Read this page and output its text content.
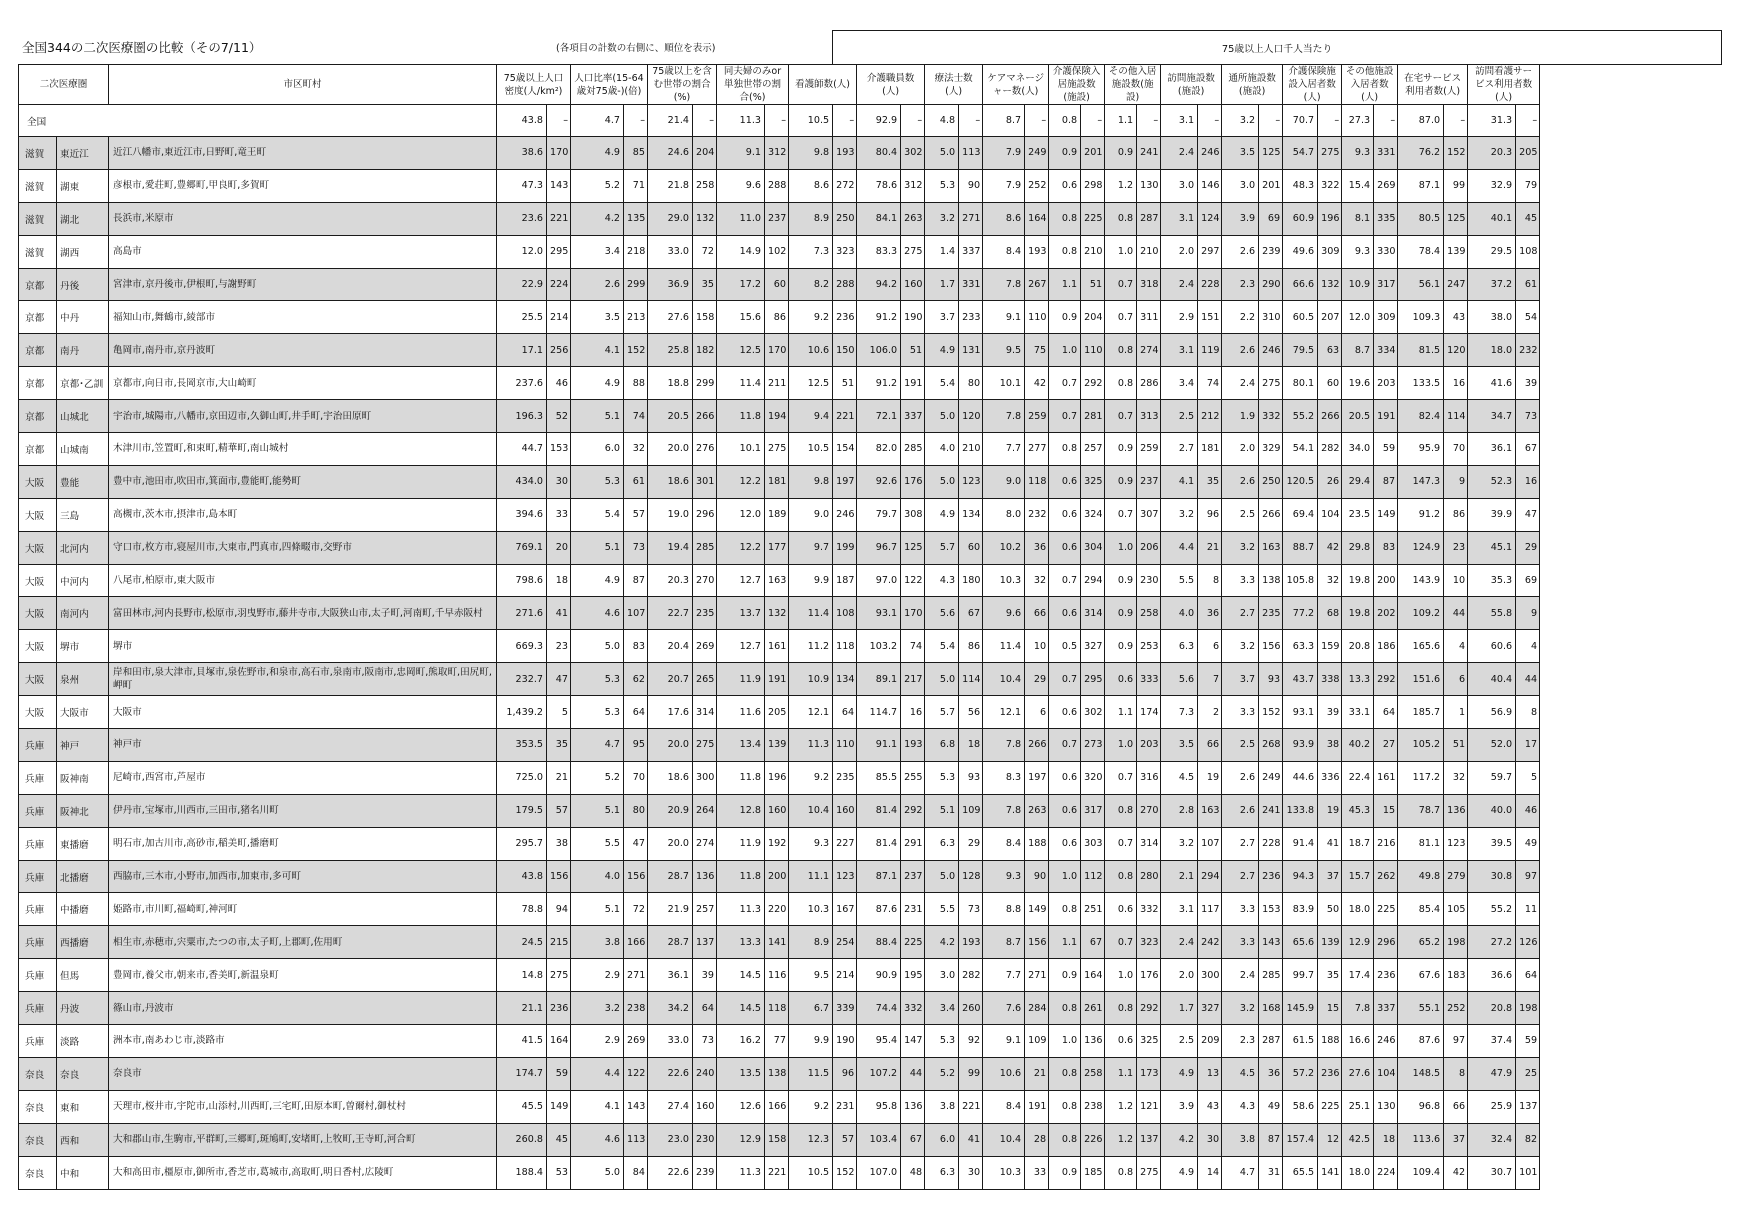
全国344の二次医療圏の比較（その7/11）	(各項目の計数の右側に、順位を表示)
												75歳以上人口千人当たり																						
二次医療圏		市区町村	75歳以上人口密度(人/km²)		人口比率(15-64歳対75歳-)(倍)		75歳以上を含む世帯の割合(%)		同夫婦のみor単独世帯の割合(%)		看護師数(人)		介護職員数(人)		療法士数(人)		ケアマネージャー数(人)		介護保険入居施設数(施設)		その他入居施設数(施設)		訪問施設数(施設)		通所施設数(施設)		介護保険施設入居者数(人)		その他施設入居者数(人)		在宅サービス利用者数(人)		訪問看護サービス利用者数(人)	
全国			43.8	–	4.7	–	21.4	–	11.3	–	10.5	–	92.9	–	4.8	–	8.7	–	0.8	–	1.1	–	3.1	–	3.2	–	70.7	–	27.3	–	87.0	–	31.3	–
滋賀	東近江	近江八幡市,東近江市,日野町,竜王町	38.6	170	4.9	85	24.6	204	9.1	312	9.8	193	80.4	302	5.0	113	7.9	249	0.9	201	0.9	241	2.4	246	3.5	125	54.7	275	9.3	331	76.2	152	20.3	205
滋賀	湖東	彦根市,愛荘町,豊郷町,甲良町,多賀町	47.3	143	5.2	71	21.8	258	9.6	288	8.6	272	78.6	312	5.3	90	7.9	252	0.6	298	1.2	130	3.0	146	3.0	201	48.3	322	15.4	269	87.1	99	32.9	79
滋賀	湖北	長浜市,米原市	23.6	221	4.2	135	29.0	132	11.0	237	8.9	250	84.1	263	3.2	271	8.6	164	0.8	225	0.8	287	3.1	124	3.9	69	60.9	196	8.1	335	80.5	125	40.1	45
滋賀	湖西	高島市	12.0	295	3.4	218	33.0	72	14.9	102	7.3	323	83.3	275	1.4	337	8.4	193	0.8	210	1.0	210	2.0	297	2.6	239	49.6	309	9.3	330	78.4	139	29.5	108
京都	丹後	宮津市,京丹後市,伊根町,与謝野町	22.9	224	2.6	299	36.9	35	17.2	60	8.2	288	94.2	160	1.7	331	7.8	267	1.1	51	0.7	318	2.4	228	2.3	290	66.6	132	10.9	317	56.1	247	37.2	61
京都	中丹	福知山市,舞鶴市,綾部市	25.5	214	3.5	213	27.6	158	15.6	86	9.2	236	91.2	190	3.7	233	9.1	110	0.9	204	0.7	311	2.9	151	2.2	310	60.5	207	12.0	309	109.3	43	38.0	54
京都	南丹	亀岡市,南丹市,京丹波町	17.1	256	4.1	152	25.8	182	12.5	170	10.6	150	106.0	51	4.9	131	9.5	75	1.0	110	0.8	274	3.1	119	2.6	246	79.5	63	8.7	334	81.5	120	18.0	232
京都	京都･乙訓	京都市,向日市,長岡京市,大山崎町	237.6	46	4.9	88	18.8	299	11.4	211	12.5	51	91.2	191	5.4	80	10.1	42	0.7	292	0.8	286	3.4	74	2.4	275	80.1	60	19.6	203	133.5	16	41.6	39
京都	山城北	宇治市,城陽市,八幡市,京田辺市,久御山町,井手町,宇治田原町	196.3	52	5.1	74	20.5	266	11.8	194	9.4	221	72.1	337	5.0	120	7.8	259	0.7	281	0.7	313	2.5	212	1.9	332	55.2	266	20.5	191	82.4	114	34.7	73
京都	山城南	木津川市,笠置町,和束町,精華町,南山城村	44.7	153	6.0	32	20.0	276	10.1	275	10.5	154	82.0	285	4.0	210	7.7	277	0.8	257	0.9	259	2.7	181	2.0	329	54.1	282	34.0	59	95.9	70	36.1	67
大阪	豊能	豊中市,池田市,吹田市,箕面市,豊能町,能勢町	434.0	30	5.3	61	18.6	301	12.2	181	9.8	197	92.6	176	5.0	123	9.0	118	0.6	325	0.9	237	4.1	35	2.6	250	120.5	26	29.4	87	147.3	9	52.3	16
大阪	三島	高槻市,茨木市,摂津市,島本町	394.6	33	5.4	57	19.0	296	12.0	189	9.0	246	79.7	308	4.9	134	8.0	232	0.6	324	0.7	307	3.2	96	2.5	266	69.4	104	23.5	149	91.2	86	39.9	47
大阪	北河内	守口市,枚方市,寝屋川市,大東市,門真市,四條畷市,交野市	769.1	20	5.1	73	19.4	285	12.2	177	9.7	199	96.7	125	5.7	60	10.2	36	0.6	304	1.0	206	4.4	21	3.2	163	88.7	42	29.8	83	124.9	23	45.1	29
大阪	中河内	八尾市,柏原市,東大阪市	798.6	18	4.9	87	20.3	270	12.7	163	9.9	187	97.0	122	4.3	180	10.3	32	0.7	294	0.9	230	5.5	8	3.3	138	105.8	32	19.8	200	143.9	10	35.3	69
大阪	南河内	富田林市,河内長野市,松原市,羽曳野市,藤井寺市,大阪狭山市,太子町,河南町,千早赤阪村	271.6	41	4.6	107	22.7	235	13.7	132	11.4	108	93.1	170	5.6	67	9.6	66	0.6	314	0.9	258	4.0	36	2.7	235	77.2	68	19.8	202	109.2	44	55.8	9
大阪	堺市	堺市	669.3	23	5.0	83	20.4	269	12.7	161	11.2	118	103.2	74	5.4	86	11.4	10	0.5	327	0.9	253	6.3	6	3.2	156	63.3	159	20.8	186	165.6	4	60.6	4
大阪	泉州	岸和田市,泉大津市,貝塚市,泉佐野市,和泉市,高石市,泉南市,阪南市,忠岡町,熊取町,田尻町,岬町	232.7	47	5.3	62	20.7	265	11.9	191	10.9	134	89.1	217	5.0	114	10.4	29	0.7	295	0.6	333	5.6	7	3.7	93	43.7	338	13.3	292	151.6	6	40.4	44
大阪	大阪市	大阪市	1,439.2	5	5.3	64	17.6	314	11.6	205	12.1	64	114.7	16	5.7	56	12.1	6	0.6	302	1.1	174	7.3	2	3.3	152	93.1	39	33.1	64	185.7	1	56.9	8
兵庫	神戸	神戸市	353.5	35	4.7	95	20.0	275	13.4	139	11.3	110	91.1	193	6.8	18	7.8	266	0.7	273	1.0	203	3.5	66	2.5	268	93.9	38	40.2	27	105.2	51	52.0	17
兵庫	阪神南	尼崎市,西宮市,芦屋市	725.0	21	5.2	70	18.6	300	11.8	196	9.2	235	85.5	255	5.3	93	8.3	197	0.6	320	0.7	316	4.5	19	2.6	249	44.6	336	22.4	161	117.2	32	59.7	5
兵庫	阪神北	伊丹市,宝塚市,川西市,三田市,猪名川町	179.5	57	5.1	80	20.9	264	12.8	160	10.4	160	81.4	292	5.1	109	7.8	263	0.6	317	0.8	270	2.8	163	2.6	241	133.8	19	45.3	15	78.7	136	40.0	46
兵庫	東播磨	明石市,加古川市,高砂市,稲美町,播磨町	295.7	38	5.5	47	20.0	274	11.9	192	9.3	227	81.4	291	6.3	29	8.4	188	0.6	303	0.7	314	3.2	107	2.7	228	91.4	41	18.7	216	81.1	123	39.5	49
兵庫	北播磨	西脇市,三木市,小野市,加西市,加東市,多可町	43.8	156	4.0	156	28.7	136	11.8	200	11.1	123	87.1	237	5.0	128	9.3	90	1.0	112	0.8	280	2.1	294	2.7	236	94.3	37	15.7	262	49.8	279	30.8	97
兵庫	中播磨	姫路市,市川町,福崎町,神河町	78.8	94	5.1	72	21.9	257	11.3	220	10.3	167	87.6	231	5.5	73	8.8	149	0.8	251	0.6	332	3.1	117	3.3	153	83.9	50	18.0	225	85.4	105	55.2	11
兵庫	西播磨	相生市,赤穂市,宍粟市,たつの市,太子町,上郡町,佐用町	24.5	215	3.8	166	28.7	137	13.3	141	8.9	254	88.4	225	4.2	193	8.7	156	1.1	67	0.7	323	2.4	242	3.3	143	65.6	139	12.9	296	65.2	198	27.2	126
兵庫	但馬	豊岡市,養父市,朝来市,香美町,新温泉町	14.8	275	2.9	271	36.1	39	14.5	116	9.5	214	90.9	195	3.0	282	7.7	271	0.9	164	1.0	176	2.0	300	2.4	285	99.7	35	17.4	236	67.6	183	36.6	64
兵庫	丹波	篠山市,丹波市	21.1	236	3.2	238	34.2	64	14.5	118	6.7	339	74.4	332	3.4	260	7.6	284	0.8	261	0.8	292	1.7	327	3.2	168	145.9	15	7.8	337	55.1	252	20.8	198
兵庫	淡路	洲本市,南あわじ市,淡路市	41.5	164	2.9	269	33.0	73	16.2	77	9.9	190	95.4	147	5.3	92	9.1	109	1.0	136	0.6	325	2.5	209	2.3	287	61.5	188	16.6	246	87.6	97	37.4	59
奈良	奈良	奈良市	174.7	59	4.4	122	22.6	240	13.5	138	11.5	96	107.2	44	5.2	99	10.6	21	0.8	258	1.1	173	4.9	13	4.5	36	57.2	236	27.6	104	148.5	8	47.9	25
奈良	東和	天理市,桜井市,宇陀市,山添村,川西町,三宅町,田原本町,曽爾村,御杖村	45.5	149	4.1	143	27.4	160	12.6	166	9.2	231	95.8	136	3.8	221	8.4	191	0.8	238	1.2	121	3.9	43	4.3	49	58.6	225	25.1	130	96.8	66	25.9	137
奈良	西和	大和郡山市,生駒市,平群町,三郷町,斑鳩町,安堵町,上牧町,王寺町,河合町	260.8	45	4.6	113	23.0	230	12.9	158	12.3	57	103.4	67	6.0	41	10.4	28	0.8	226	1.2	137	4.2	30	3.8	87	157.4	12	42.5	18	113.6	37	32.4	82
奈良	中和	大和高田市,橿原市,御所市,香芝市,葛城市,高取町,明日香村,広陵町	188.4	53	5.0	84	22.6	239	11.3	221	10.5	152	107.0	48	6.3	30	10.3	33	0.9	185	0.8	275	4.9	14	4.7	31	65.5	141	18.0	224	109.4	42	30.7	101
